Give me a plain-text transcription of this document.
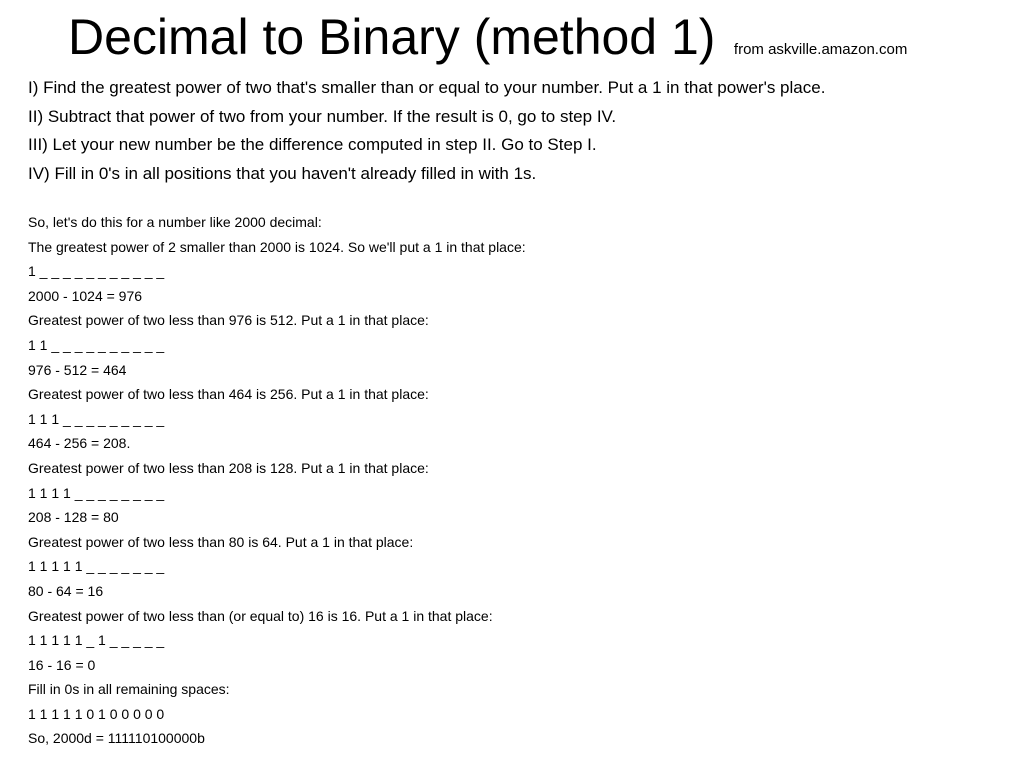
Decimal to Binary (method 1) from askville.amazon.com
I) Find the greatest power of two that's smaller than or equal to your number. Put a 1 in that power's place.
II) Subtract that power of two from your number. If the result is 0, go to step IV.
III) Let your new number be the difference computed in step II. Go to Step I.
IV) Fill in 0's in all positions that you haven't already filled in with 1s.
So, let's do this for a number like 2000 decimal:
The greatest power of 2 smaller than 2000 is 1024. So we'll put a 1 in that place:
1 _ _ _ _ _ _ _ _ _ _ _
2000 - 1024 = 976
Greatest power of two less than 976 is 512. Put a 1 in that place:
1 1 _ _ _ _ _ _ _ _ _ _
976 - 512 = 464
Greatest power of two less than 464 is 256. Put a 1 in that place:
1 1 1 _ _ _ _ _ _ _ _ _
464 - 256 = 208.
Greatest power of two less than 208 is 128. Put a 1 in that place:
1 1 1 1 _ _ _ _ _ _ _ _
208 - 128 = 80
Greatest power of two less than 80 is 64. Put a 1 in that place:
1 1 1 1 1 _ _ _ _ _ _ _
80 - 64 = 16
Greatest power of two less than (or equal to) 16 is 16. Put a 1 in that place:
1 1 1 1 1 _ 1 _ _ _ _ _
16 - 16 = 0
Fill in 0s in all remaining spaces:
1 1 1 1 1 0 1 0 0 0 0 0
So, 2000d = 111110100000b
